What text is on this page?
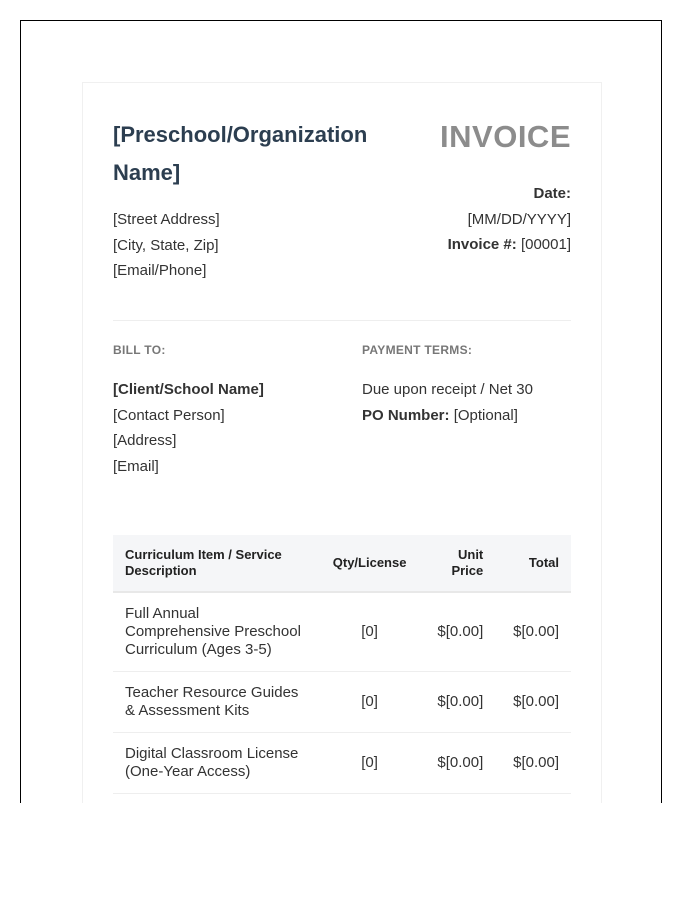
[Preschool/Organization Name]
[Street Address]
[City, State, Zip]
[Email/Phone]
INVOICE
Date:
[MM/DD/YYYY]
Invoice #: [00001]
BILL TO:	PAYMENT TERMS:
[Client/School Name]
[Contact Person]
[Address]
[Email]
Due upon receipt / Net 30
PO Number: [Optional]
Curriculum Item / Service Description	Qty/License	Unit Price	Total
Full Annual Comprehensive Preschool Curriculum (Ages 3-5)	[0]	$[0.00]	$[0.00]
Teacher Resource Guides & Assessment Kits	[0]	$[0.00]	$[0.00]
Digital Classroom License (One-Year Access)	[0]	$[0.00]	$[0.00]
